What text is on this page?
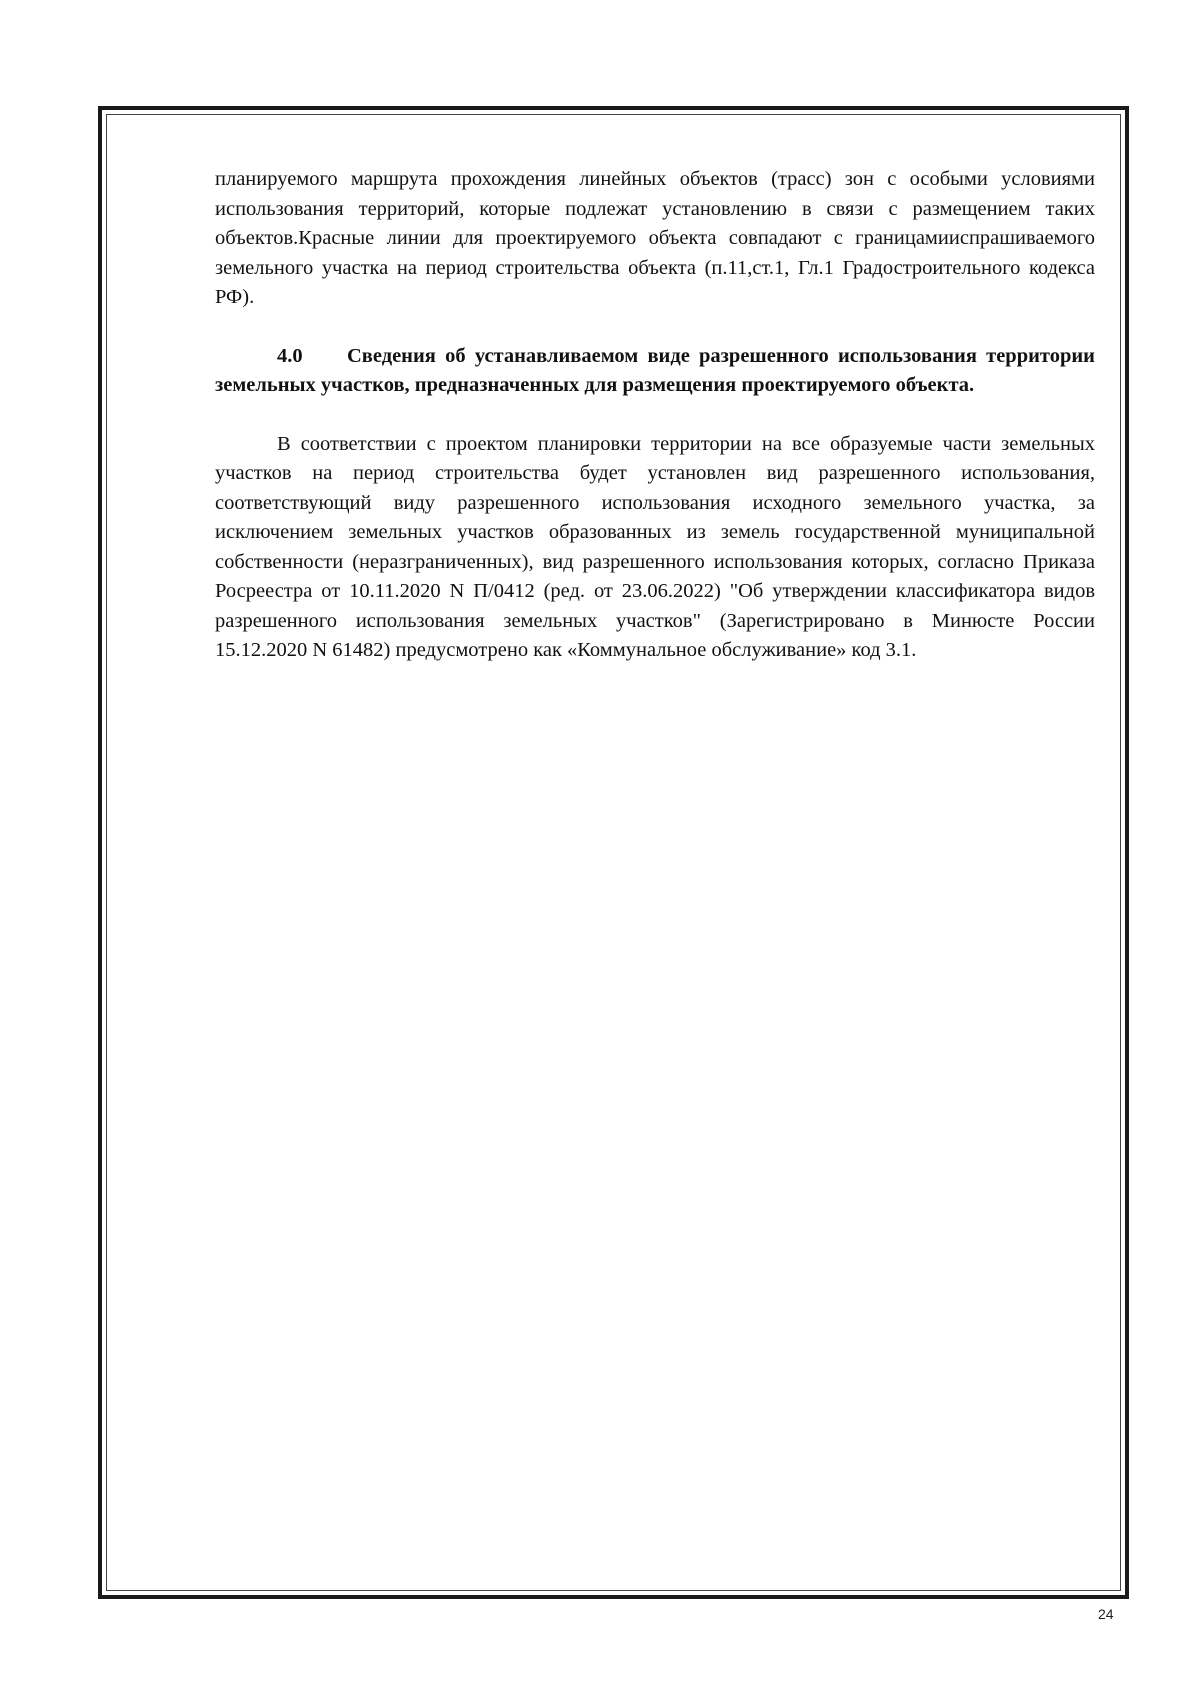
планируемого маршрута прохождения линейных объектов (трасс) зон с особыми условиями использования территорий, которые подлежат установлению в связи с размещением таких объектов.Красные линии для проектируемого объекта совпадают с границамииспрашиваемого земельного участка на период строительства объекта (п.11,ст.1, Гл.1 Градостроительного кодекса РФ).

4.0 Сведения об устанавливаемом виде разрешенного использования территории земельных участков, предназначенных для размещения проектируемого объекта.

В соответствии с проектом планировки территории на все образуемые части земельных участков на период строительства будет установлен вид разрешенного использования, соответствующий виду разрешенного использования исходного земельного участка, за исключением земельных участков образованных из земель государственной муниципальной собственности (неразграниченных), вид разрешенного использования которых, согласно Приказа Росреестра от 10.11.2020 N П/0412 (ред. от 23.06.2022) "Об утверждении классификатора видов разрешенного использования земельных участков" (Зарегистрировано в Минюсте России 15.12.2020 N 61482) предусмотрено как «Коммунальное обслуживание» код 3.1.

24
